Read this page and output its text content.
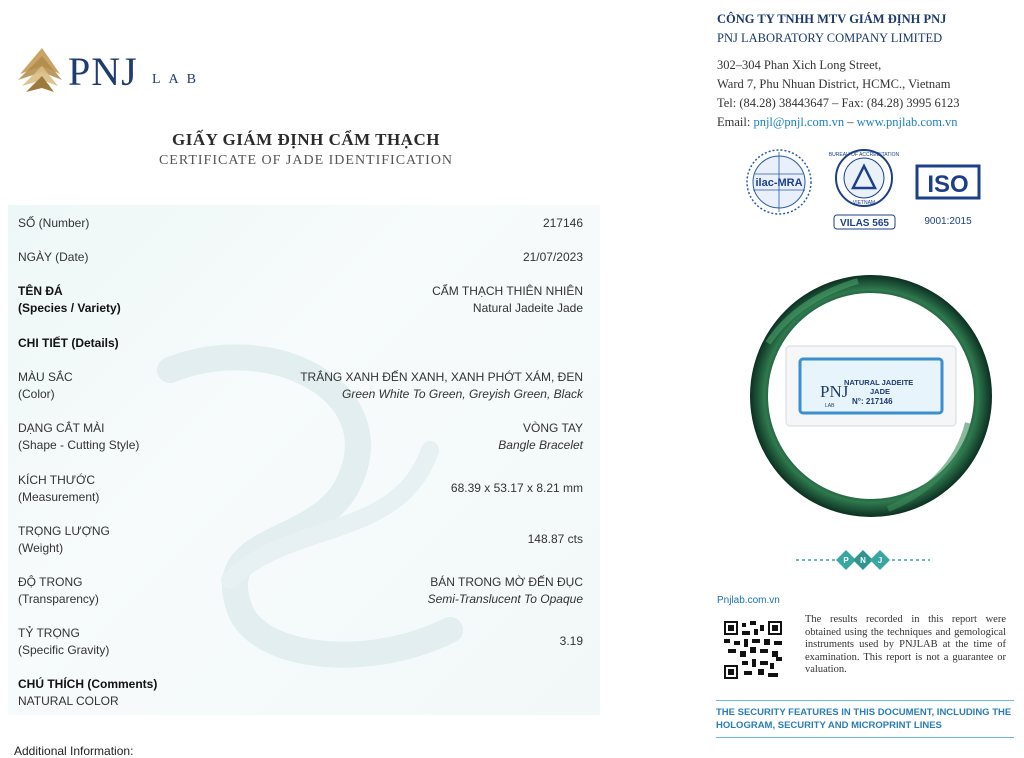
PNJ LAB
GIẤY GIÁM ĐỊNH CẨM THẠCH
CERTIFICATE OF JADE IDENTIFICATION
SỐ (Number)	217146
NGÀY (Date)	21/07/2023
TÊN ĐÁ
(Species / Variety)
CẨM THẠCH THIÊN NHIÊN
Natural Jadeite Jade
CHI TIẾT (Details)
MÀU SẮC
(Color)
TRẮNG XANH ĐẾN XANH, XANH PHỚT XÁM, ĐEN
Green White To Green, Greyish Green, Black
DẠNG CẮT MÀI
(Shape - Cutting Style)
VÒNG TAY
Bangle Bracelet
KÍCH THƯỚC
(Measurement)
68.39 x 53.17 x 8.21 mm
TRỌNG LƯỢNG
(Weight)
148.87 cts
ĐỘ TRONG
(Transparency)
BÁN TRONG MỜ ĐẾN ĐỤC
Semi-Translucent To Opaque
TỶ TRỌNG
(Specific Gravity)
3.19
CHÚ THÍCH (Comments)
NATURAL COLOR
Additional Information:
CÔNG TY TNHH MTV GIÁM ĐỊNH PNJ
PNJ LABORATORY COMPANY LIMITED
302–304 Phan Xich Long Street,
Ward 7, Phu Nhuan District, HCMC., Vietnam
Tel: (84.28) 38443647 – Fax: (84.28) 3995 6123
Email: pnjl@pnjl.com.vn – www.pnjlab.com.vn
ilac-MRA
BUREAU OF ACCREDITATION
VIETNAM
VILAS 565
ISO
9001:2015
PNJ
LAB
NATURAL JADEITE
JADE
N°: 217146
P N J
Pnjlab.com.vn
The results recorded in this report were obtained using the techniques and gemological instruments used by PNJLAB at the time of examination. This report is not a guarantee or valuation.
THE SECURITY FEATURES IN THIS DOCUMENT, INCLUDING THE HOLOGRAM, SECURITY AND MICROPRINT LINES
